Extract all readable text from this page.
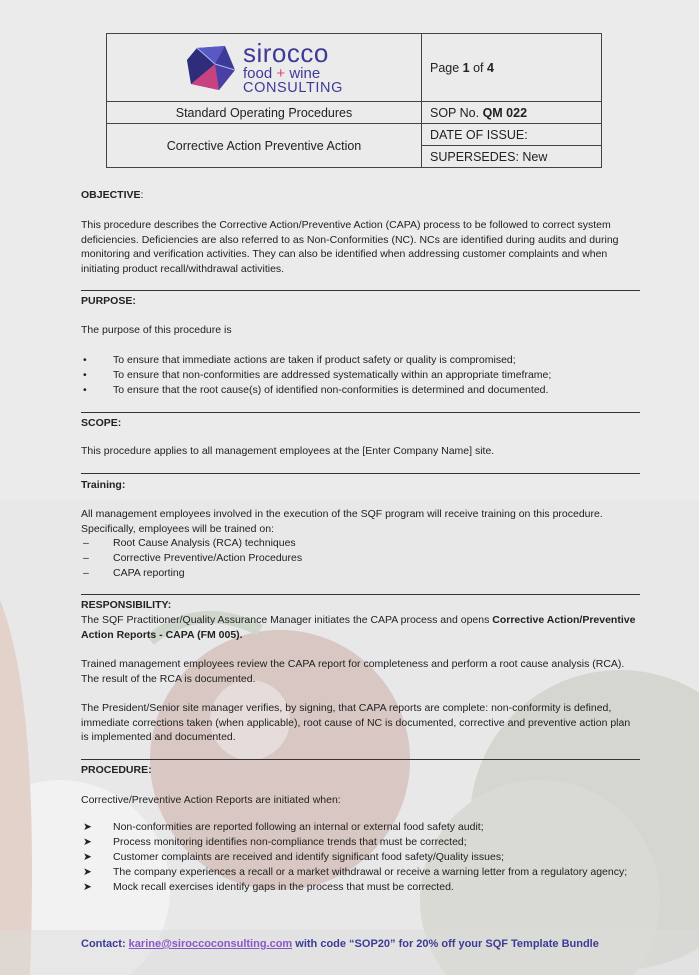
sirocco
food + wine
CONSULTING	Page 1 of 4
Standard Operating Procedures	SOP No. QM 022
Corrective Action Preventive Action	DATE OF ISSUE:
	SUPERSEDES: New
OBJECTIVE:
This procedure describes the Corrective Action/Preventive Action (CAPA) process to be followed to correct system deficiencies. Deficiencies are also referred to as Non-Conformities (NC). NCs are identified during audits and during monitoring and verification activities. They can also be identified when addressing customer complaints and when initiating product recall/withdrawal activities.
PURPOSE:
The purpose of this procedure is
•	To ensure that immediate actions are taken if product safety or quality is compromised;
•	To ensure that non-conformities are addressed systematically within an appropriate timeframe;
•	To ensure that the root cause(s) of identified non-conformities is determined and documented.
SCOPE:
This procedure applies to all management employees at the [Enter Company Name] site.
Training:
All management employees involved in the execution of the SQF program will receive training on this procedure. Specifically, employees will be trained on:
– Root Cause Analysis (RCA) techniques
– Corrective Preventive/Action Procedures
– CAPA reporting
RESPONSIBILITY:
The SQF Practitioner/Quality Assurance Manager initiates the CAPA process and opens Corrective Action/Preventive Action Reports - CAPA (FM 005).
Trained management employees review the CAPA report for completeness and perform a root cause analysis (RCA). The result of the RCA is documented.
The President/Senior site manager verifies, by signing, that CAPA reports are complete: non-conformity is defined, immediate corrections taken (when applicable), root cause of NC is documented, corrective and preventive action plan is implemented and documented.
PROCEDURE:
Corrective/Preventive Action Reports are initiated when:
➤ Non-conformities are reported following an internal or external food safety audit;
➤ Process monitoring identifies non-compliance trends that must be corrected;
➤ Customer complaints are received and identify significant food safety/Quality issues;
➤ The company experiences a recall or a market withdrawal or receive a warning letter from a regulatory agency;
➤ Mock recall exercises identify gaps in the process that must be corrected.
Contact: karine@siroccoconsulting.com with code “SOP20” for 20% off your SQF Template Bundle
